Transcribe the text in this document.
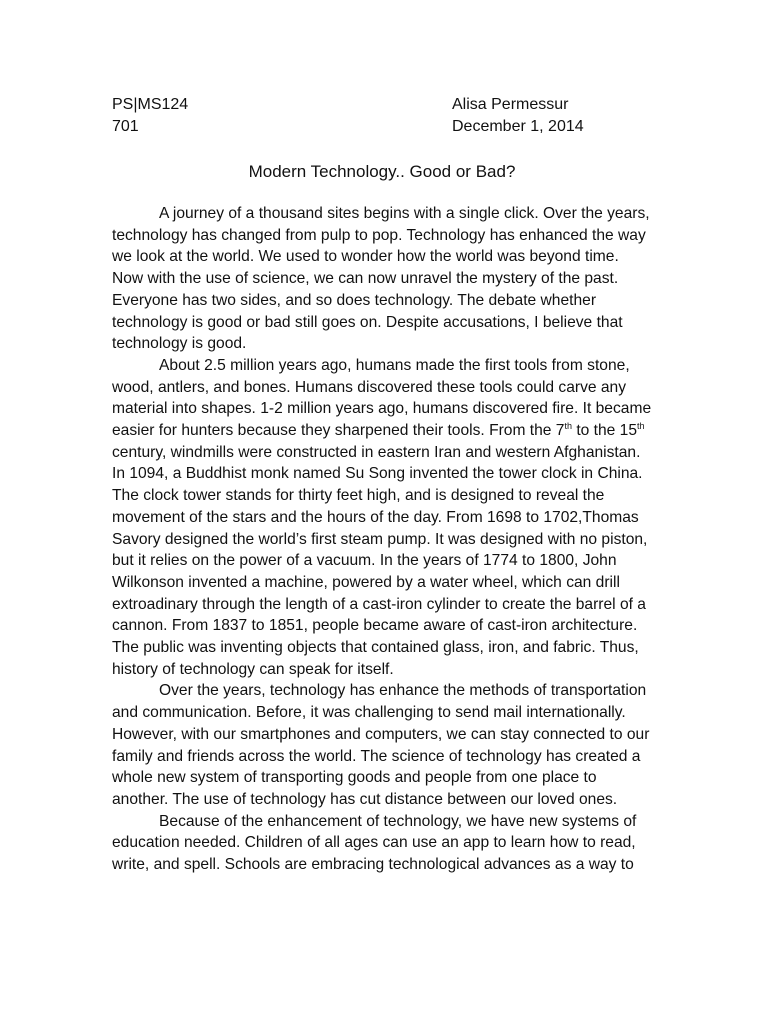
PS|MS124	Alisa Permessur
701	December 1, 2014
Modern Technology.. Good or Bad?

A journey of a thousand sites begins with a single click. Over the years, technology has changed from pulp to pop. Technology has enhanced the way we look at the world. We used to wonder how the world was beyond time. Now with the use of science, we can now unravel the mystery of the past. Everyone has two sides, and so does technology. The debate whether technology is good or bad still goes on. Despite accusations, I believe that technology is good.

About 2.5 million years ago, humans made the first tools from stone, wood, antlers, and bones. Humans discovered these tools could carve any material into shapes. 1-2 million years ago, humans discovered fire. It became easier for hunters because they sharpened their tools. From the 7th to the 15th century, windmills were constructed in eastern Iran and western Afghanistan. In 1094, a Buddhist monk named Su Song invented the tower clock in China. The clock tower stands for thirty feet high, and is designed to reveal the movement of the stars and the hours of the day. From 1698 to 1702,Thomas Savory designed the world’s first steam pump. It was designed with no piston, but it relies on the power of a vacuum. In the years of 1774 to 1800, John Wilkonson invented a machine, powered by a water wheel, which can drill extroadinary through the length of a cast-iron cylinder to create the barrel of a cannon. From 1837 to 1851, people became aware of cast-iron architecture. The public was inventing objects that contained glass, iron, and fabric. Thus, history of technology can speak for itself.

Over the years, technology has enhance the methods of transportation and communication. Before, it was challenging to send mail internationally. However, with our smartphones and computers, we can stay connected to our family and friends across the world. The science of technology has created a whole new system of transporting goods and people from one place to another. The use of technology has cut distance between our loved ones.

Because of the enhancement of technology, we have new systems of education needed. Children of all ages can use an app to learn how to read, write, and spell. Schools are embracing technological advances as a way to
